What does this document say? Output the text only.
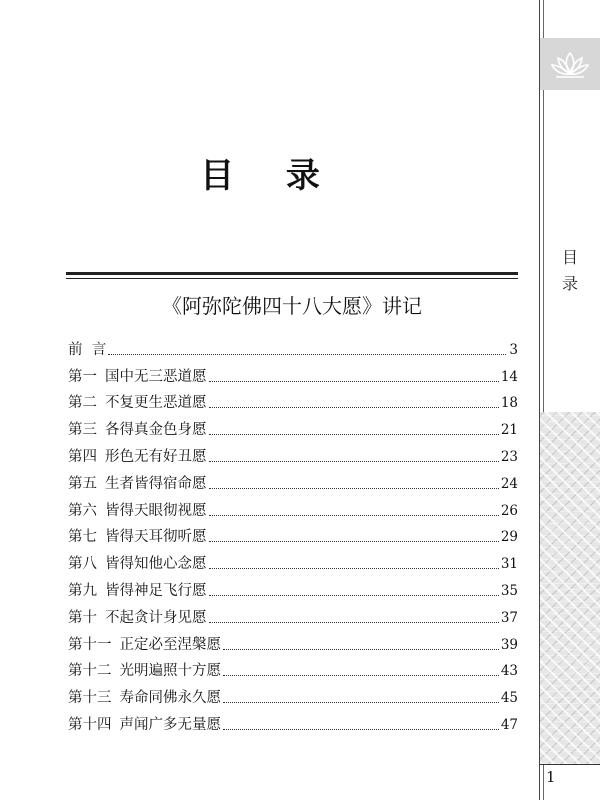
目 录
《阿弥陀佛四十八大愿》讲记
前  言	3
第一 国中无三恶道愿	14
第二 不复更生恶道愿	18
第三 各得真金色身愿	21
第四 形色无有好丑愿	23
第五 生者皆得宿命愿	24
第六 皆得天眼彻视愿	26
第七 皆得天耳彻听愿	29
第八 皆得知他心念愿	31
第九 皆得神足飞行愿	35
第十 不起贪计身见愿	37
第十一 正定必至涅槃愿	39
第十二 光明遍照十方愿	43
第十三 寿命同佛永久愿	45
第十四 声闻广多无量愿	47
目
录
1
